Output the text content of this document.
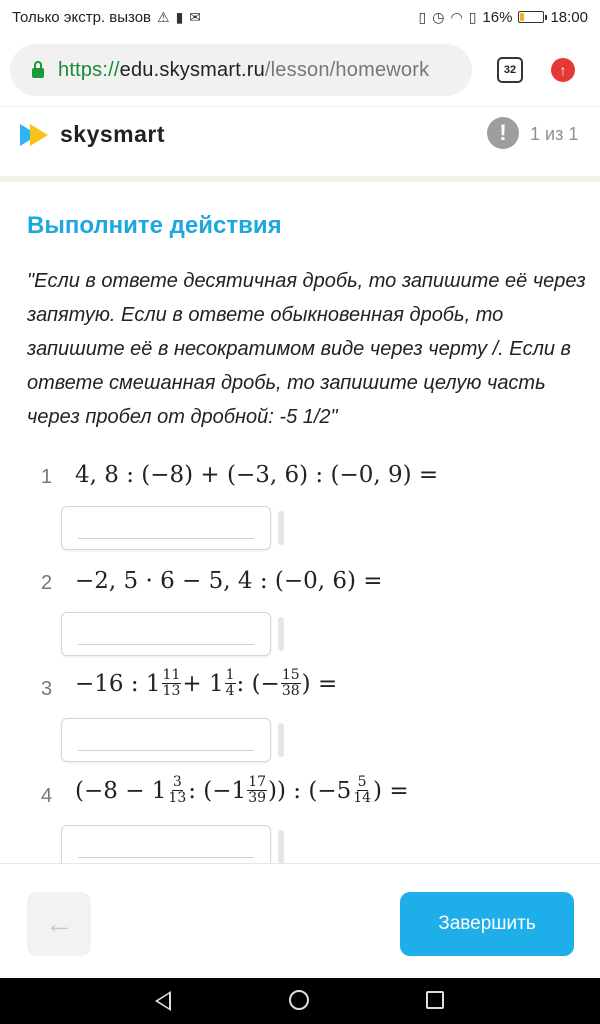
Только экстр. вызов ⚠ ▮ ✉	▯ ◷ ◠ ▯ 16%	18:00
https://edu.skysmart.ru/lesson/homework	32	↑
skysmart	!	1 из 1
Выполните действия
"Если в ответе десятичная дробь, то запишите её через запятую. Если в ответе обыкновенная дробь, то запишите её в несократимом виде через черту /. Если в ответе смешанная дробь, то запишите целую часть через пробел от дробной: -5 1/2"
1 4, 8 : (−8) + (−3, 6) : (−0, 9) =
2 −2, 5 · 6 − 5, 4 : (−0, 6) =
3 −16 : $1 \frac{11}{13} + 1 \frac{1}{4}$ : (− $\frac{15}{38}$ ) =
4 ($-8 - 1 \frac{3}{13}$ : ($-1 \frac{17}{39}$ )) : ($-5 \frac{5}{14}$ ) =
←	Завершить
